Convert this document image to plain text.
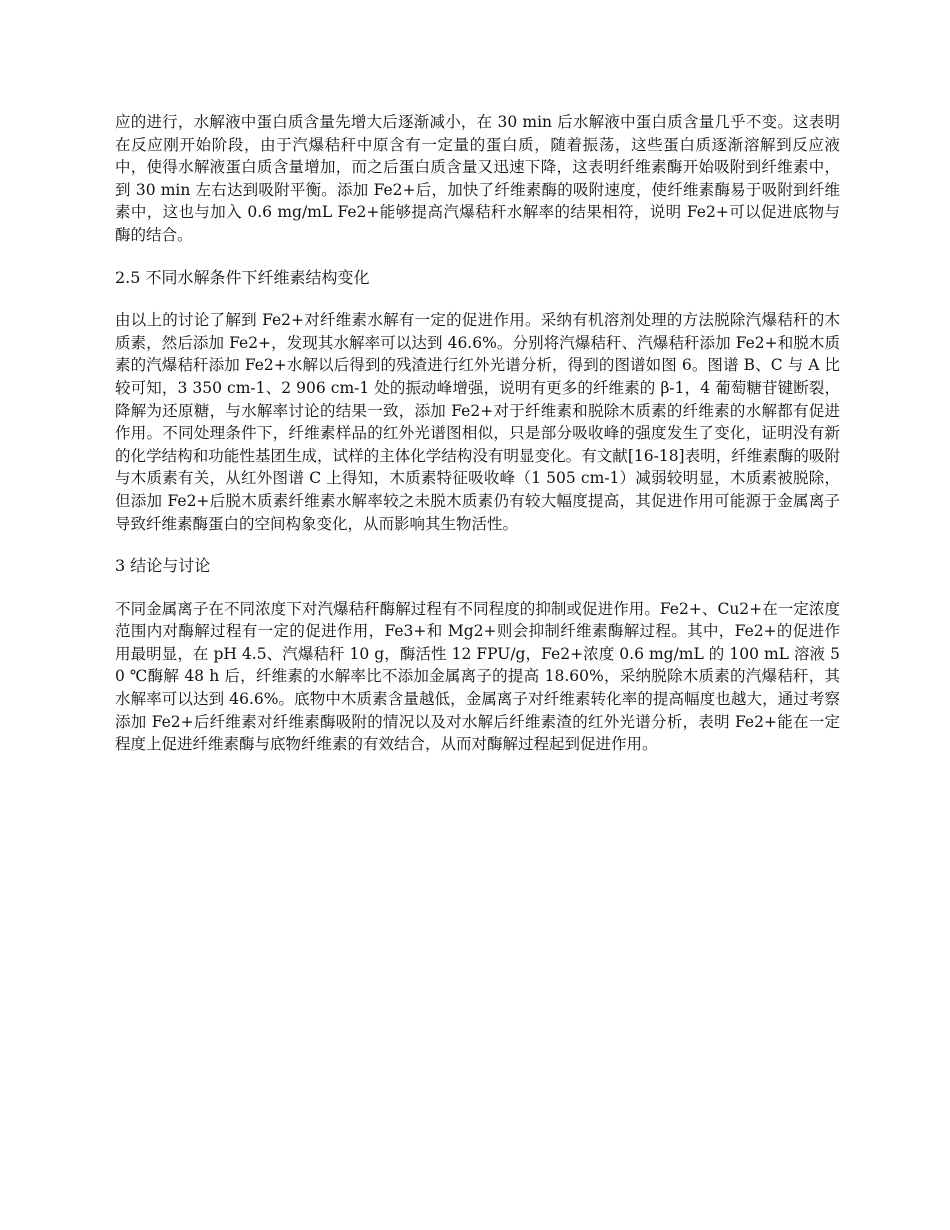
应的进行，水解液中蛋白质含量先增大后逐渐减小，在 30 min 后水解液中蛋白质含量几乎不变。这表明在反应刚开始阶段，由于汽爆秸秆中原含有一定量的蛋白质，随着振荡，这些蛋白质逐渐溶解到反应液中，使得水解液蛋白质含量增加，而之后蛋白质含量又迅速下降，这表明纤维素酶开始吸附到纤维素中，到 30 min 左右达到吸附平衡。添加 Fe2+后，加快了纤维素酶的吸附速度，使纤维素酶易于吸附到纤维素中，这也与加入 0.6 mg/mL Fe2+能够提高汽爆秸秆水解率的结果相符，说明 Fe2+可以促进底物与酶的结合。

2.5 不同水解条件下纤维素结构变化

由以上的讨论了解到 Fe2+对纤维素水解有一定的促进作用。采纳有机溶剂处理的方法脱除汽爆秸秆的木质素，然后添加 Fe2+，发现其水解率可以达到 46.6%。分别将汽爆秸秆、汽爆秸秆添加 Fe2+和脱木质素的汽爆秸秆添加 Fe2+水解以后得到的残渣进行红外光谱分析，得到的图谱如图 6。图谱 B、C 与 A 比较可知，3 350 cm-1、2 906 cm-1 处的振动峰增强，说明有更多的纤维素的 β-1，4 葡萄糖苷键断裂，降解为还原糖，与水解率讨论的结果一致，添加 Fe2+对于纤维素和脱除木质素的纤维素的水解都有促进作用。不同处理条件下，纤维素样品的红外光谱图相似，只是部分吸收峰的强度发生了变化，证明没有新的化学结构和功能性基团生成，试样的主体化学结构没有明显变化。有文献[16-18]表明，纤维素酶的吸附与木质素有关，从红外图谱 C 上得知，木质素特征吸收峰（1 505 cm-1）减弱较明显，木质素被脱除，但添加 Fe2+后脱木质素纤维素水解率较之未脱木质素仍有较大幅度提高，其促进作用可能源于金属离子导致纤维素酶蛋白的空间构象变化，从而影响其生物活性。

3 结论与讨论

不同金属离子在不同浓度下对汽爆秸秆酶解过程有不同程度的抑制或促进作用。Fe2+、Cu2+在一定浓度范围内对酶解过程有一定的促进作用，Fe3+和 Mg2+则会抑制纤维素酶解过程。其中，Fe2+的促进作用最明显，在 pH 4.5、汽爆秸秆 10 g，酶活性 12 FPU/g，Fe2+浓度 0.6 mg/mL 的 100 mL 溶液 50 ℃酶解 48 h 后，纤维素的水解率比不添加金属离子的提高 18.60%，采纳脱除木质素的汽爆秸秆，其水解率可以达到 46.6%。底物中木质素含量越低，金属离子对纤维素转化率的提高幅度也越大，通过考察添加 Fe2+后纤维素对纤维素酶吸附的情况以及对水解后纤维素渣的红外光谱分析，表明 Fe2+能在一定程度上促进纤维素酶与底物纤维素的有效结合，从而对酶解过程起到促进作用。
